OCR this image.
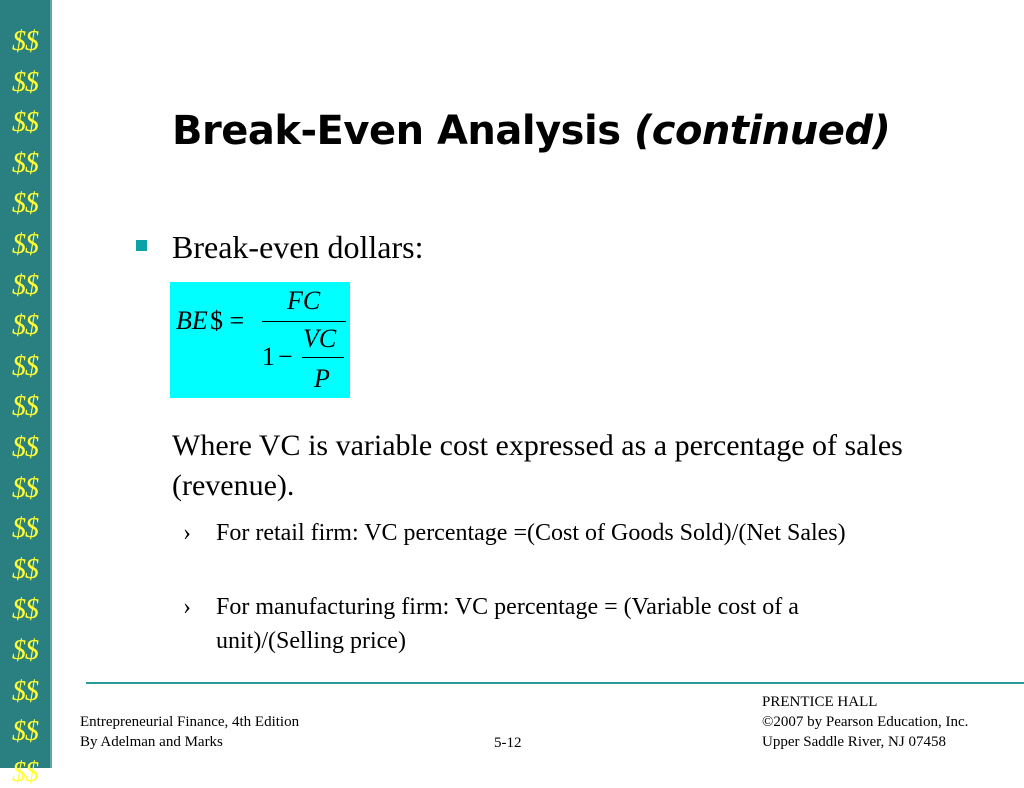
$$
$$
$$
$$
$$
$$
$$
$$
$$
$$
$$
$$
$$
$$
$$
$$
$$
$$
$$
Break-Even Analysis (continued)
Break-even dollars:
BE $ =
FC
1 −
VC
P
Where VC is variable cost expressed as a percentage of sales (revenue).
› For retail firm: VC percentage =(Cost of Goods Sold)/(Net Sales)
› For manufacturing firm: VC percentage = (Variable cost of a unit)/(Selling price)
Entrepreneurial Finance, 4th Edition
By Adelman and Marks	5-12
PRENTICE HALL
©2007 by Pearson Education, Inc.
Upper Saddle River, NJ 07458
